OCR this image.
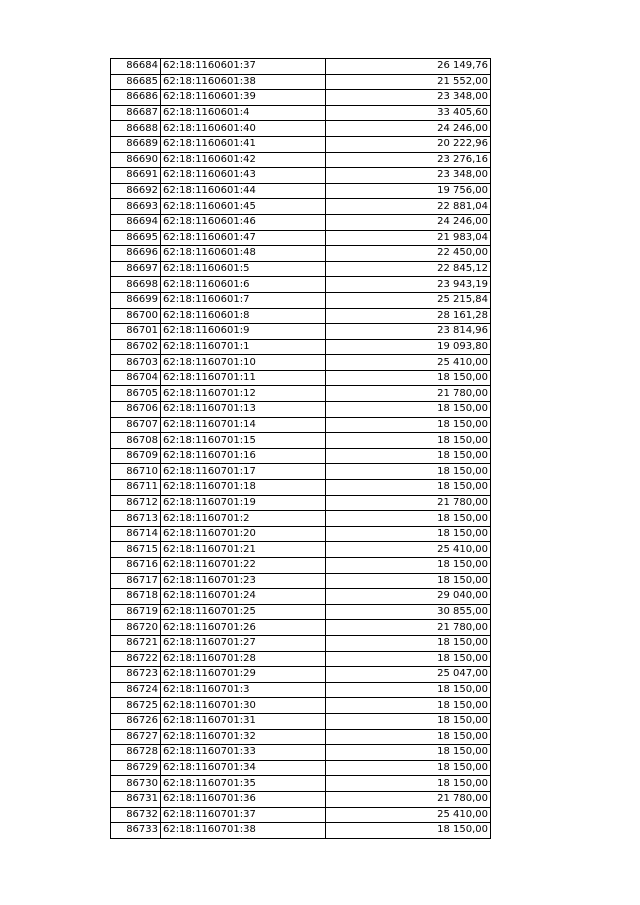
86684	62:18:1160601:37	26 149,76
86685	62:18:1160601:38	21 552,00
86686	62:18:1160601:39	23 348,00
86687	62:18:1160601:4	33 405,60
86688	62:18:1160601:40	24 246,00
86689	62:18:1160601:41	20 222,96
86690	62:18:1160601:42	23 276,16
86691	62:18:1160601:43	23 348,00
86692	62:18:1160601:44	19 756,00
86693	62:18:1160601:45	22 881,04
86694	62:18:1160601:46	24 246,00
86695	62:18:1160601:47	21 983,04
86696	62:18:1160601:48	22 450,00
86697	62:18:1160601:5	22 845,12
86698	62:18:1160601:6	23 943,19
86699	62:18:1160601:7	25 215,84
86700	62:18:1160601:8	28 161,28
86701	62:18:1160601:9	23 814,96
86702	62:18:1160701:1	19 093,80
86703	62:18:1160701:10	25 410,00
86704	62:18:1160701:11	18 150,00
86705	62:18:1160701:12	21 780,00
86706	62:18:1160701:13	18 150,00
86707	62:18:1160701:14	18 150,00
86708	62:18:1160701:15	18 150,00
86709	62:18:1160701:16	18 150,00
86710	62:18:1160701:17	18 150,00
86711	62:18:1160701:18	18 150,00
86712	62:18:1160701:19	21 780,00
86713	62:18:1160701:2	18 150,00
86714	62:18:1160701:20	18 150,00
86715	62:18:1160701:21	25 410,00
86716	62:18:1160701:22	18 150,00
86717	62:18:1160701:23	18 150,00
86718	62:18:1160701:24	29 040,00
86719	62:18:1160701:25	30 855,00
86720	62:18:1160701:26	21 780,00
86721	62:18:1160701:27	18 150,00
86722	62:18:1160701:28	18 150,00
86723	62:18:1160701:29	25 047,00
86724	62:18:1160701:3	18 150,00
86725	62:18:1160701:30	18 150,00
86726	62:18:1160701:31	18 150,00
86727	62:18:1160701:32	18 150,00
86728	62:18:1160701:33	18 150,00
86729	62:18:1160701:34	18 150,00
86730	62:18:1160701:35	18 150,00
86731	62:18:1160701:36	21 780,00
86732	62:18:1160701:37	25 410,00
86733	62:18:1160701:38	18 150,00
